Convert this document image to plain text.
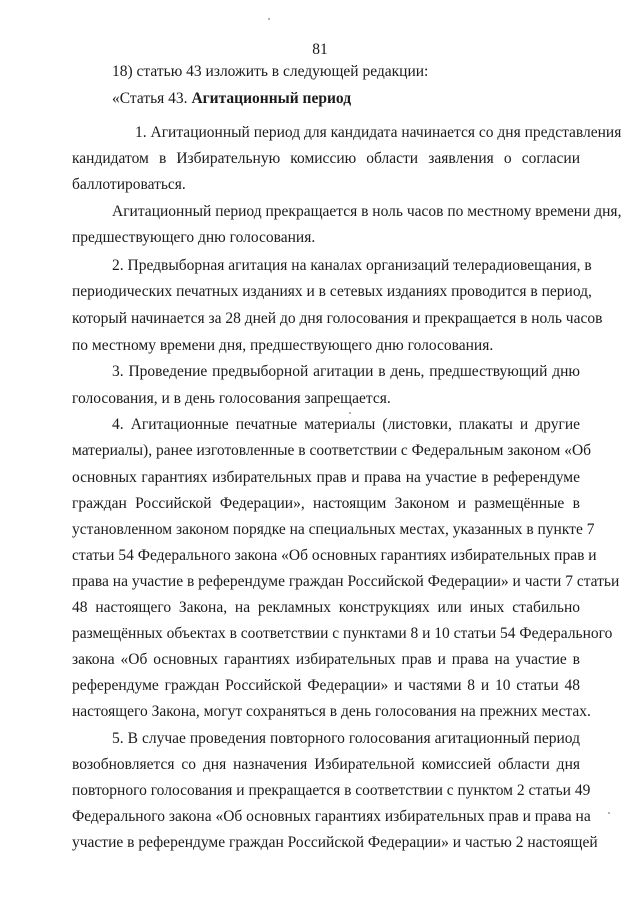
81
18) статью 43 изложить в следующей редакции:
«Статья 43. Агитационный период
1. Агитационный период для кандидата начинается со дня представления
кандидатом в Избирательную комиссию области заявления о согласии
баллотироваться.
Агитационный период прекращается в ноль часов по местному времени дня,
предшествующего дню голосования.
2. Предвыборная агитация на каналах организаций телерадиовещания, в
периодических печатных изданиях и в сетевых изданиях проводится в период,
который начинается за 28 дней до дня голосования и прекращается в ноль часов
по местному времени дня, предшествующего дню голосования.
3. Проведение предвыборной агитации в день, предшествующий дню
голосования, и в день голосования запрещается.
4. Агитационные печатные материалы (листовки, плакаты и другие
материалы), ранее изготовленные в соответствии с Федеральным законом «Об
основных гарантиях избирательных прав и права на участие в референдуме
граждан Российской Федерации», настоящим Законом и размещённые в
установленном законом порядке на специальных местах, указанных в пункте 7
статьи 54 Федерального закона «Об основных гарантиях избирательных прав и
права на участие в референдуме граждан Российской Федерации» и части 7 статьи
48 настоящего Закона, на рекламных конструкциях или иных стабильно
размещённых объектах в соответствии с пунктами 8 и 10 статьи 54 Федерального
закона «Об основных гарантиях избирательных прав и права на участие в
референдуме граждан Российской Федерации» и частями 8 и 10 статьи 48
настоящего Закона, могут сохраняться в день голосования на прежних местах.
5. В случае проведения повторного голосования агитационный период
возобновляется со дня назначения Избирательной комиссией области дня
повторного голосования и прекращается в соответствии с пунктом 2 статьи 49
Федерального закона «Об основных гарантиях избирательных прав и права на
участие в референдуме граждан Российской Федерации» и частью 2 настоящей
